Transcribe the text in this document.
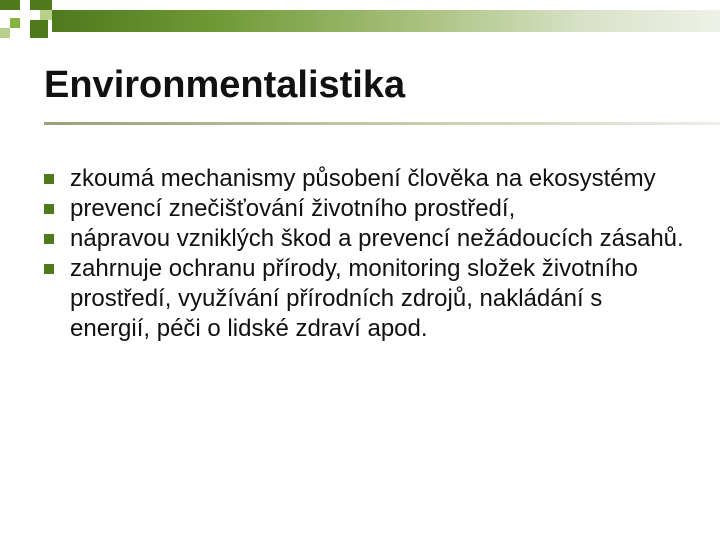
Environmentalistika
zkoumá mechanismy působení člověka na ekosystémy
prevencí znečišťování životního prostředí,
nápravou vzniklých škod a prevencí nežádoucích zásahů.
zahrnuje ochranu přírody, monitoring složek životního prostředí, využívání přírodních zdrojů, nakládání s energií, péči o lidské zdraví apod.
